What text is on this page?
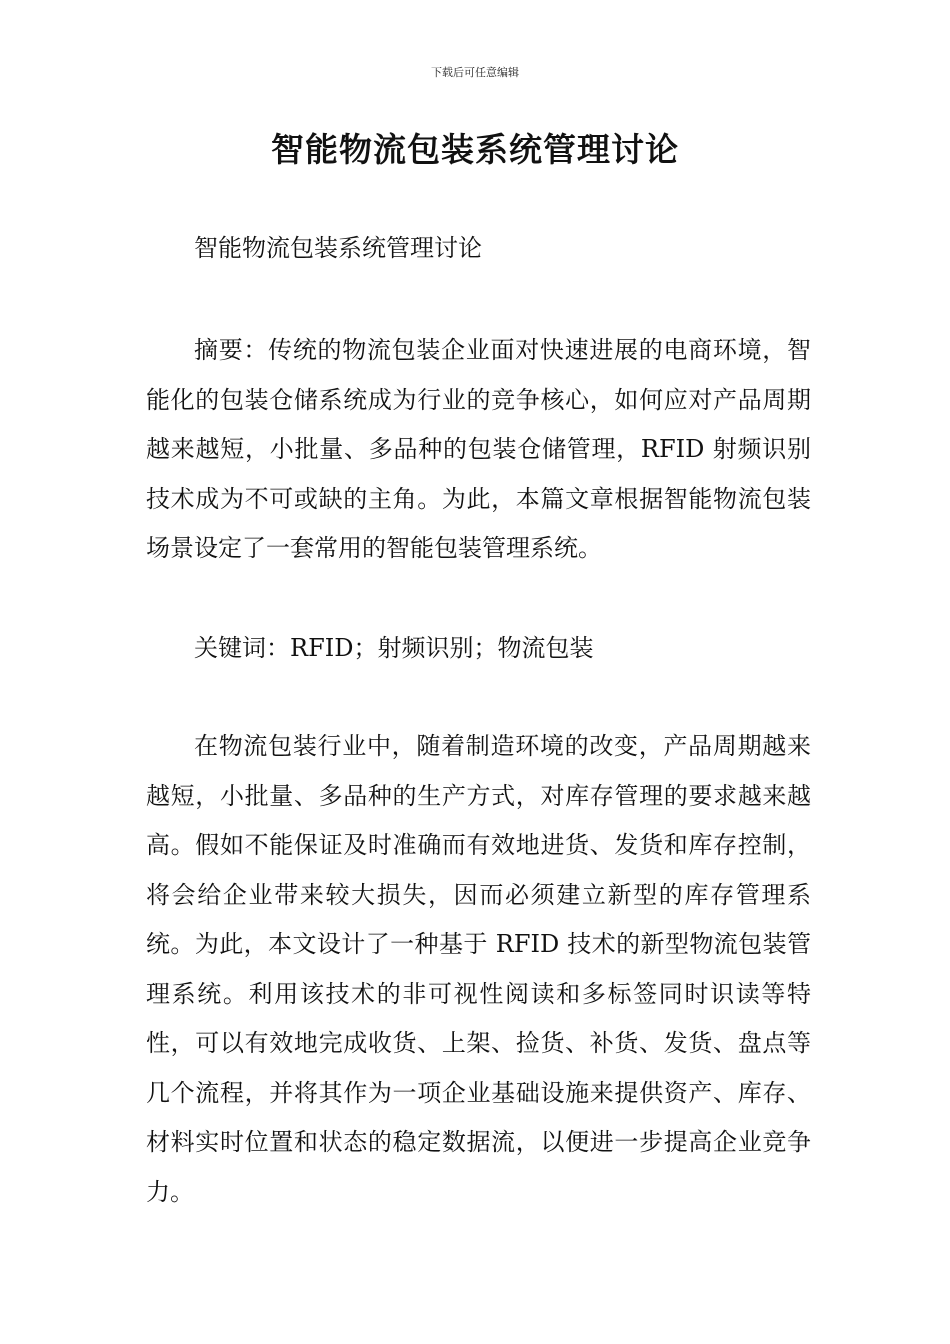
下载后可任意编辑
智能物流包装系统管理讨论

智能物流包装系统管理讨论

摘要：传统的物流包装企业面对快速进展的电商环境，智能化的包装仓储系统成为行业的竞争核心，如何应对产品周期越来越短，小批量、多品种的包装仓储管理，RFID 射频识别技术成为不可或缺的主角。为此，本篇文章根据智能物流包装场景设定了一套常用的智能包装管理系统。

关键词：RFID；射频识别；物流包装

在物流包装行业中，随着制造环境的改变，产品周期越来越短，小批量、多品种的生产方式，对库存管理的要求越来越高。假如不能保证及时准确而有效地进货、发货和库存控制，将会给企业带来较大损失，因而必须建立新型的库存管理系统。为此，本文设计了一种基于 RFID 技术的新型物流包装管理系统。利用该技术的非可视性阅读和多标签同时识读等特性，可以有效地完成收货、上架、捡货、补货、发货、盘点等几个流程，并将其作为一项企业基础设施来提供资产、库存、材料实时位置和状态的稳定数据流，以便进一步提高企业竞争力。
